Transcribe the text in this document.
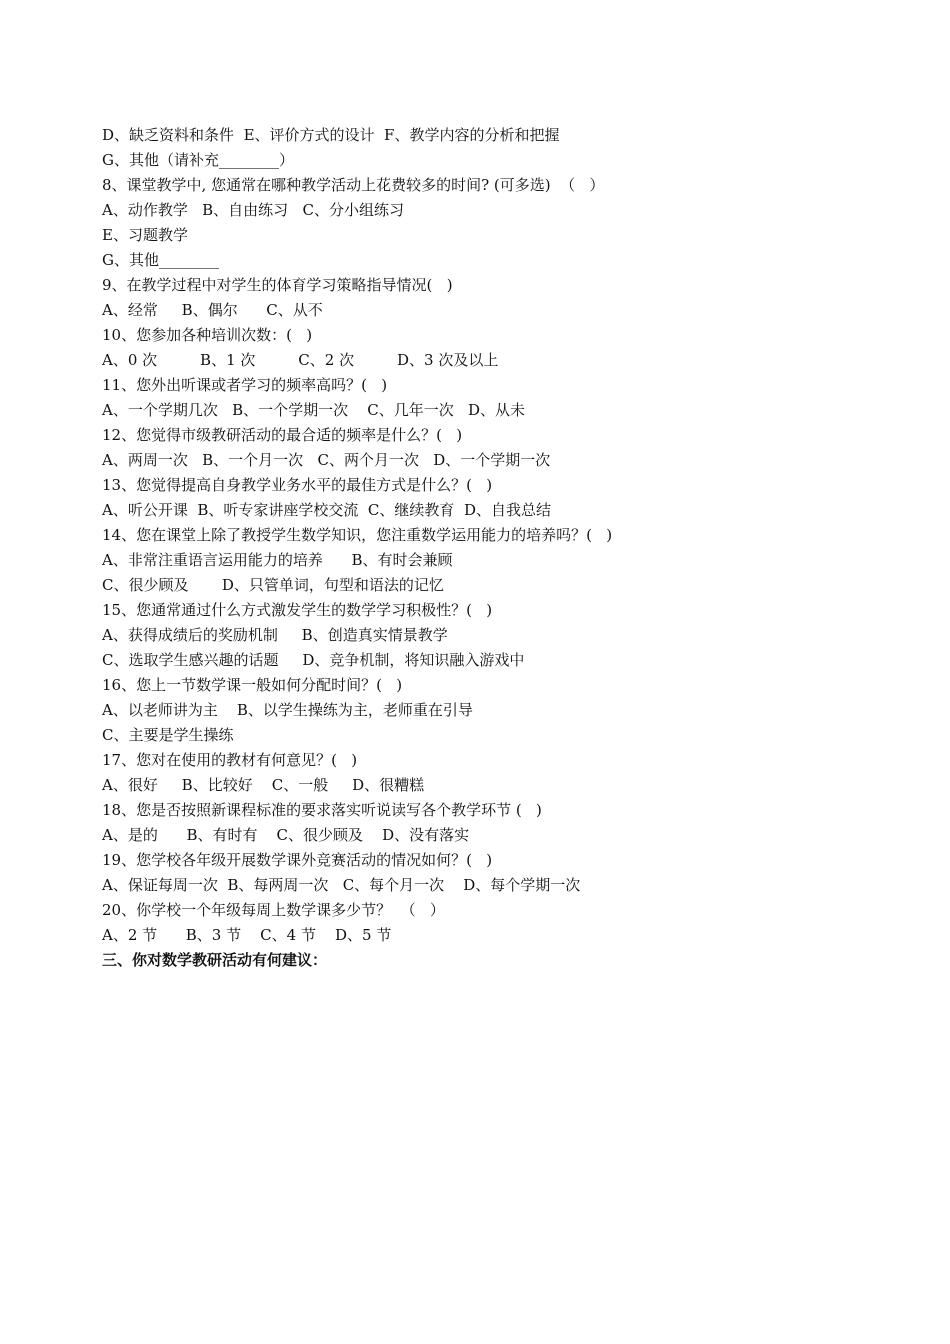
D、缺乏资料和条件  E、评价方式的设计  F、教学内容的分析和把握
G、其他（请补充________）
8、课堂教学中, 您通常在哪种教学活动上花费较多的时间? (可多选)  （   ）
A、动作教学   B、自由练习   C、分小组练习
E、习题教学
G、其他________
9、在教学过程中对学生的体育学习策略指导情况(   )
A、经常     B、偶尔      C、从不
10、您参加各种培训次数：(   )
A、0 次         B、1 次         C、2 次         D、3 次及以上
11、您外出听课或者学习的频率高吗？(   )
A、一个学期几次   B、一个学期一次    C、几年一次   D、从未
12、您觉得市级教研活动的最合适的频率是什么？(   )
A、两周一次   B、一个月一次   C、两个月一次   D、一个学期一次
13、您觉得提高自身教学业务水平的最佳方式是什么？(   )
A、听公开课  B、听专家讲座学校交流  C、继续教育  D、自我总结
14、您在课堂上除了教授学生数学知识，您注重数学运用能力的培养吗？(   )
A、非常注重语言运用能力的培养      B、有时会兼顾
C、很少顾及       D、只管单词，句型和语法的记忆
15、您通常通过什么方式激发学生的数学学习积极性？(   )
A、获得成绩后的奖励机制     B、创造真实情景教学
C、选取学生感兴趣的话题     D、竞争机制，将知识融入游戏中
16、您上一节数学课一般如何分配时间？(   )
A、以老师讲为主    B、以学生操练为主，老师重在引导
C、主要是学生操练
17、您对在使用的教材有何意见？(   )
A、很好     B、比较好    C、一般     D、很糟糕
18、您是否按照新课程标准的要求落实听说读写各个教学环节 (   )
A、是的      B、有时有    C、很少顾及    D、没有落实
19、您学校各年级开展数学课外竞赛活动的情况如何？(   )
A、保证每周一次  B、每两周一次   C、每个月一次    D、每个学期一次
20、你学校一个年级每周上数学课多少节？  （   ）
A、2 节      B、3 节    C、4 节    D、5 节
三、你对数学教研活动有何建议：
